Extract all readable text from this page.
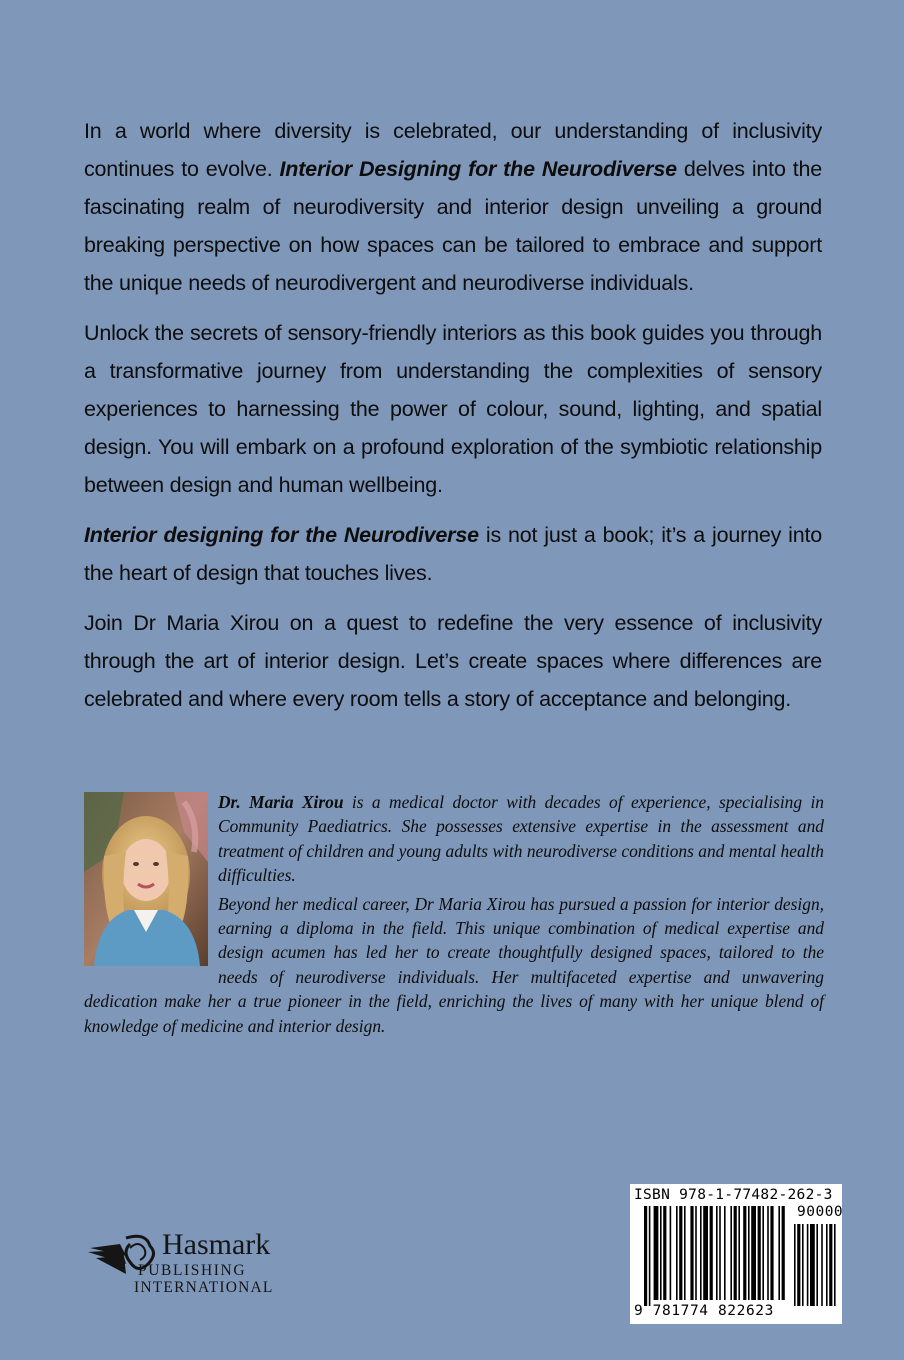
In a world where diversity is celebrated, our understanding of inclusivity continues to evolve. Interior Designing for the Neurodiverse delves into the fascinating realm of neurodiversity and interior design unveiling a ground breaking perspective on how spaces can be tailored to embrace and support the unique needs of neurodivergent and neurodiverse individuals.

Unlock the secrets of sensory-friendly interiors as this book guides you through a transformative journey from understanding the complexities of sensory experiences to harnessing the power of colour, sound, lighting, and spatial design. You will embark on a profound exploration of the symbiotic relationship between design and human wellbeing.

Interior designing for the Neurodiverse is not just a book; it’s a journey into the heart of design that touches lives.

Join Dr Maria Xirou on a quest to redefine the very essence of inclusivity through the art of interior design. Let’s create spaces where differences are celebrated and where every room tells a story of acceptance and belonging.

Dr. Maria Xirou is a medical doctor with decades of experience, specialising in Community Paediatrics. She possesses extensive expertise in the assessment and treatment of children and young adults with neurodiverse conditions and mental health difficulties.

Beyond her medical career, Dr Maria Xirou has pursued a passion for interior design, earning a diploma in the field. This unique combination of medical expertise and design acumen has led her to create thoughtfully designed spaces, tailored to the needs of neurodiverse individuals. Her multifaceted expertise and unwavering dedication make her a true pioneer in the field, enriching the lives of many with her unique blend of knowledge of medicine and interior design.

Hasmark
PUBLISHING
INTERNATIONAL
ISBN 978-1-77482-262-3
90000
9 781774 822623
